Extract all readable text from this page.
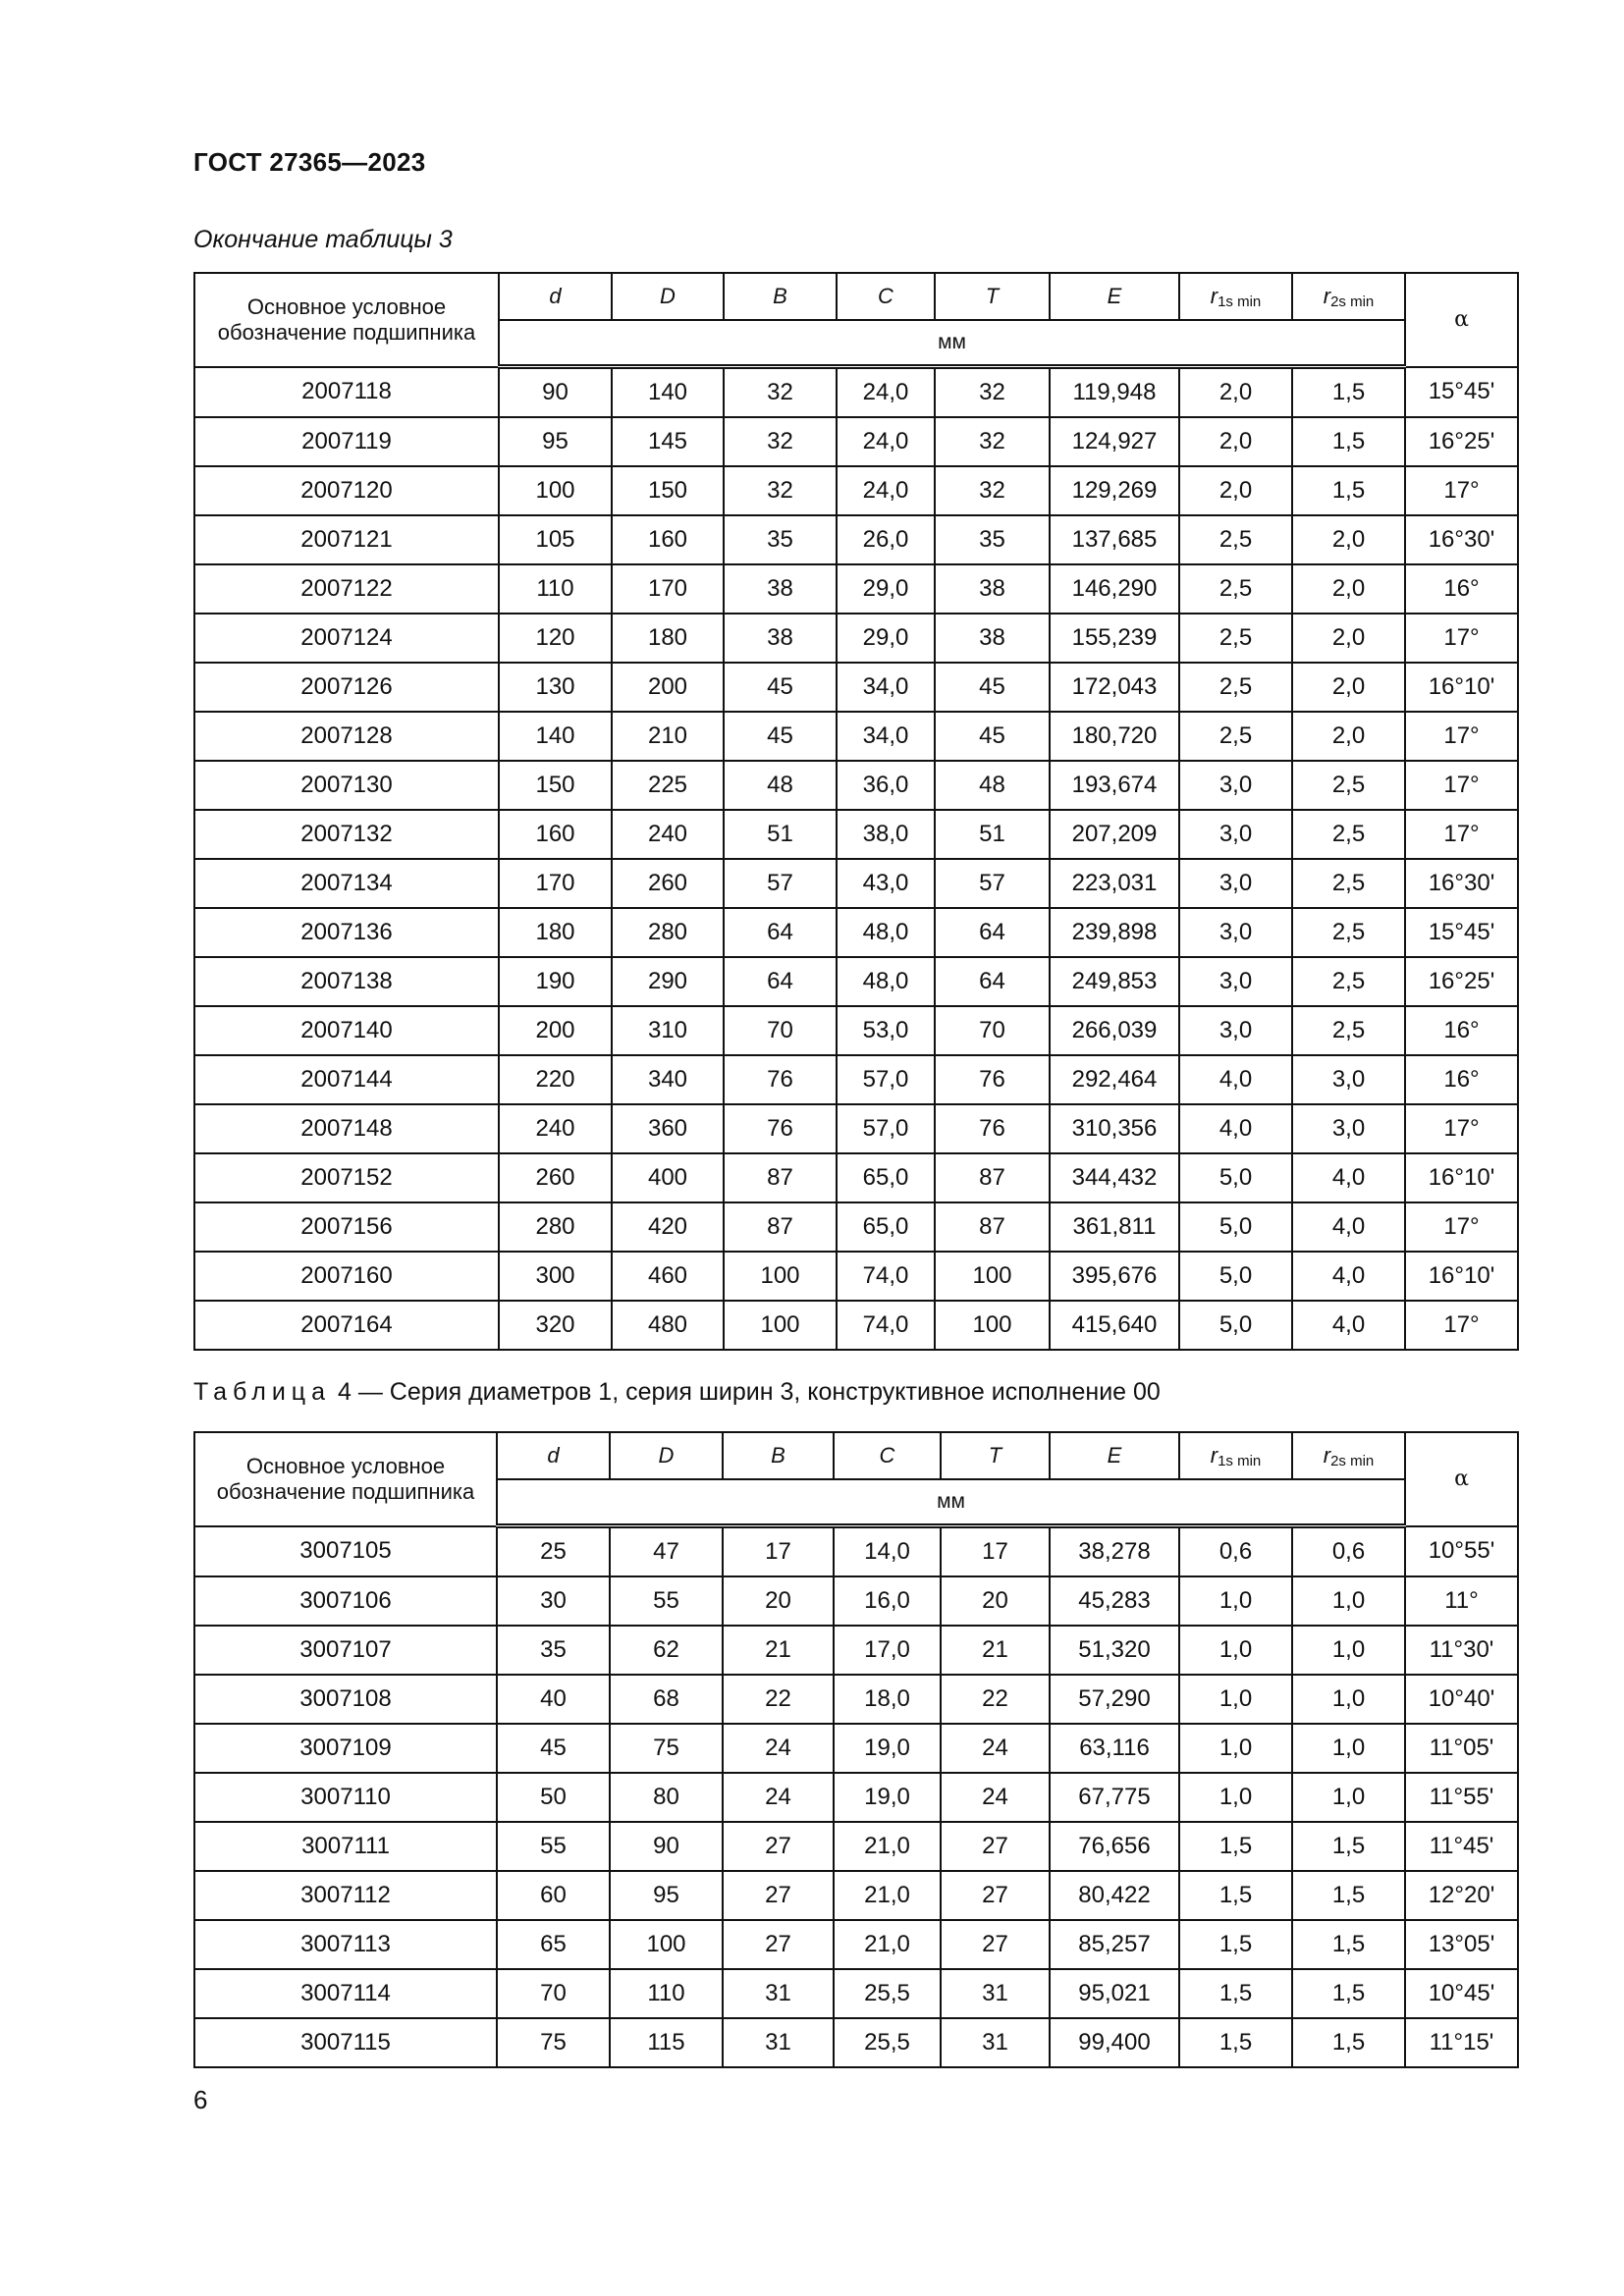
ГОСТ 27365—2023
Окончание таблицы 3
Основное условное обозначение подшипника	d	D	B	C	T	E	$r_{1s min}$	$r_{2s min}$	α
	мм								
2007118	90	140	32	24,0	32	119,948	2,0	1,5	15°45'
2007119	95	145	32	24,0	32	124,927	2,0	1,5	16°25'
2007120	100	150	32	24,0	32	129,269	2,0	1,5	17°
2007121	105	160	35	26,0	35	137,685	2,5	2,0	16°30'
2007122	110	170	38	29,0	38	146,290	2,5	2,0	16°
2007124	120	180	38	29,0	38	155,239	2,5	2,0	17°
2007126	130	200	45	34,0	45	172,043	2,5	2,0	16°10'
2007128	140	210	45	34,0	45	180,720	2,5	2,0	17°
2007130	150	225	48	36,0	48	193,674	3,0	2,5	17°
2007132	160	240	51	38,0	51	207,209	3,0	2,5	17°
2007134	170	260	57	43,0	57	223,031	3,0	2,5	16°30'
2007136	180	280	64	48,0	64	239,898	3,0	2,5	15°45'
2007138	190	290	64	48,0	64	249,853	3,0	2,5	16°25'
2007140	200	310	70	53,0	70	266,039	3,0	2,5	16°
2007144	220	340	76	57,0	76	292,464	4,0	3,0	16°
2007148	240	360	76	57,0	76	310,356	4,0	3,0	17°
2007152	260	400	87	65,0	87	344,432	5,0	4,0	16°10'
2007156	280	420	87	65,0	87	361,811	5,0	4,0	17°
2007160	300	460	100	74,0	100	395,676	5,0	4,0	16°10'
2007164	320	480	100	74,0	100	415,640	5,0	4,0	17°
Таблица 4 — Серия диаметров 1, серия ширин 3, конструктивное исполнение 00
Основное условное обозначение подшипника	d	D	B	C	T	E	$r_{1s min}$	$r_{2s min}$	α
	мм								
3007105	25	47	17	14,0	17	38,278	0,6	0,6	10°55'
3007106	30	55	20	16,0	20	45,283	1,0	1,0	11°
3007107	35	62	21	17,0	21	51,320	1,0	1,0	11°30'
3007108	40	68	22	18,0	22	57,290	1,0	1,0	10°40'
3007109	45	75	24	19,0	24	63,116	1,0	1,0	11°05'
3007110	50	80	24	19,0	24	67,775	1,0	1,0	11°55'
3007111	55	90	27	21,0	27	76,656	1,5	1,5	11°45'
3007112	60	95	27	21,0	27	80,422	1,5	1,5	12°20'
3007113	65	100	27	21,0	27	85,257	1,5	1,5	13°05'
3007114	70	110	31	25,5	31	95,021	1,5	1,5	10°45'
3007115	75	115	31	25,5	31	99,400	1,5	1,5	11°15'
6
